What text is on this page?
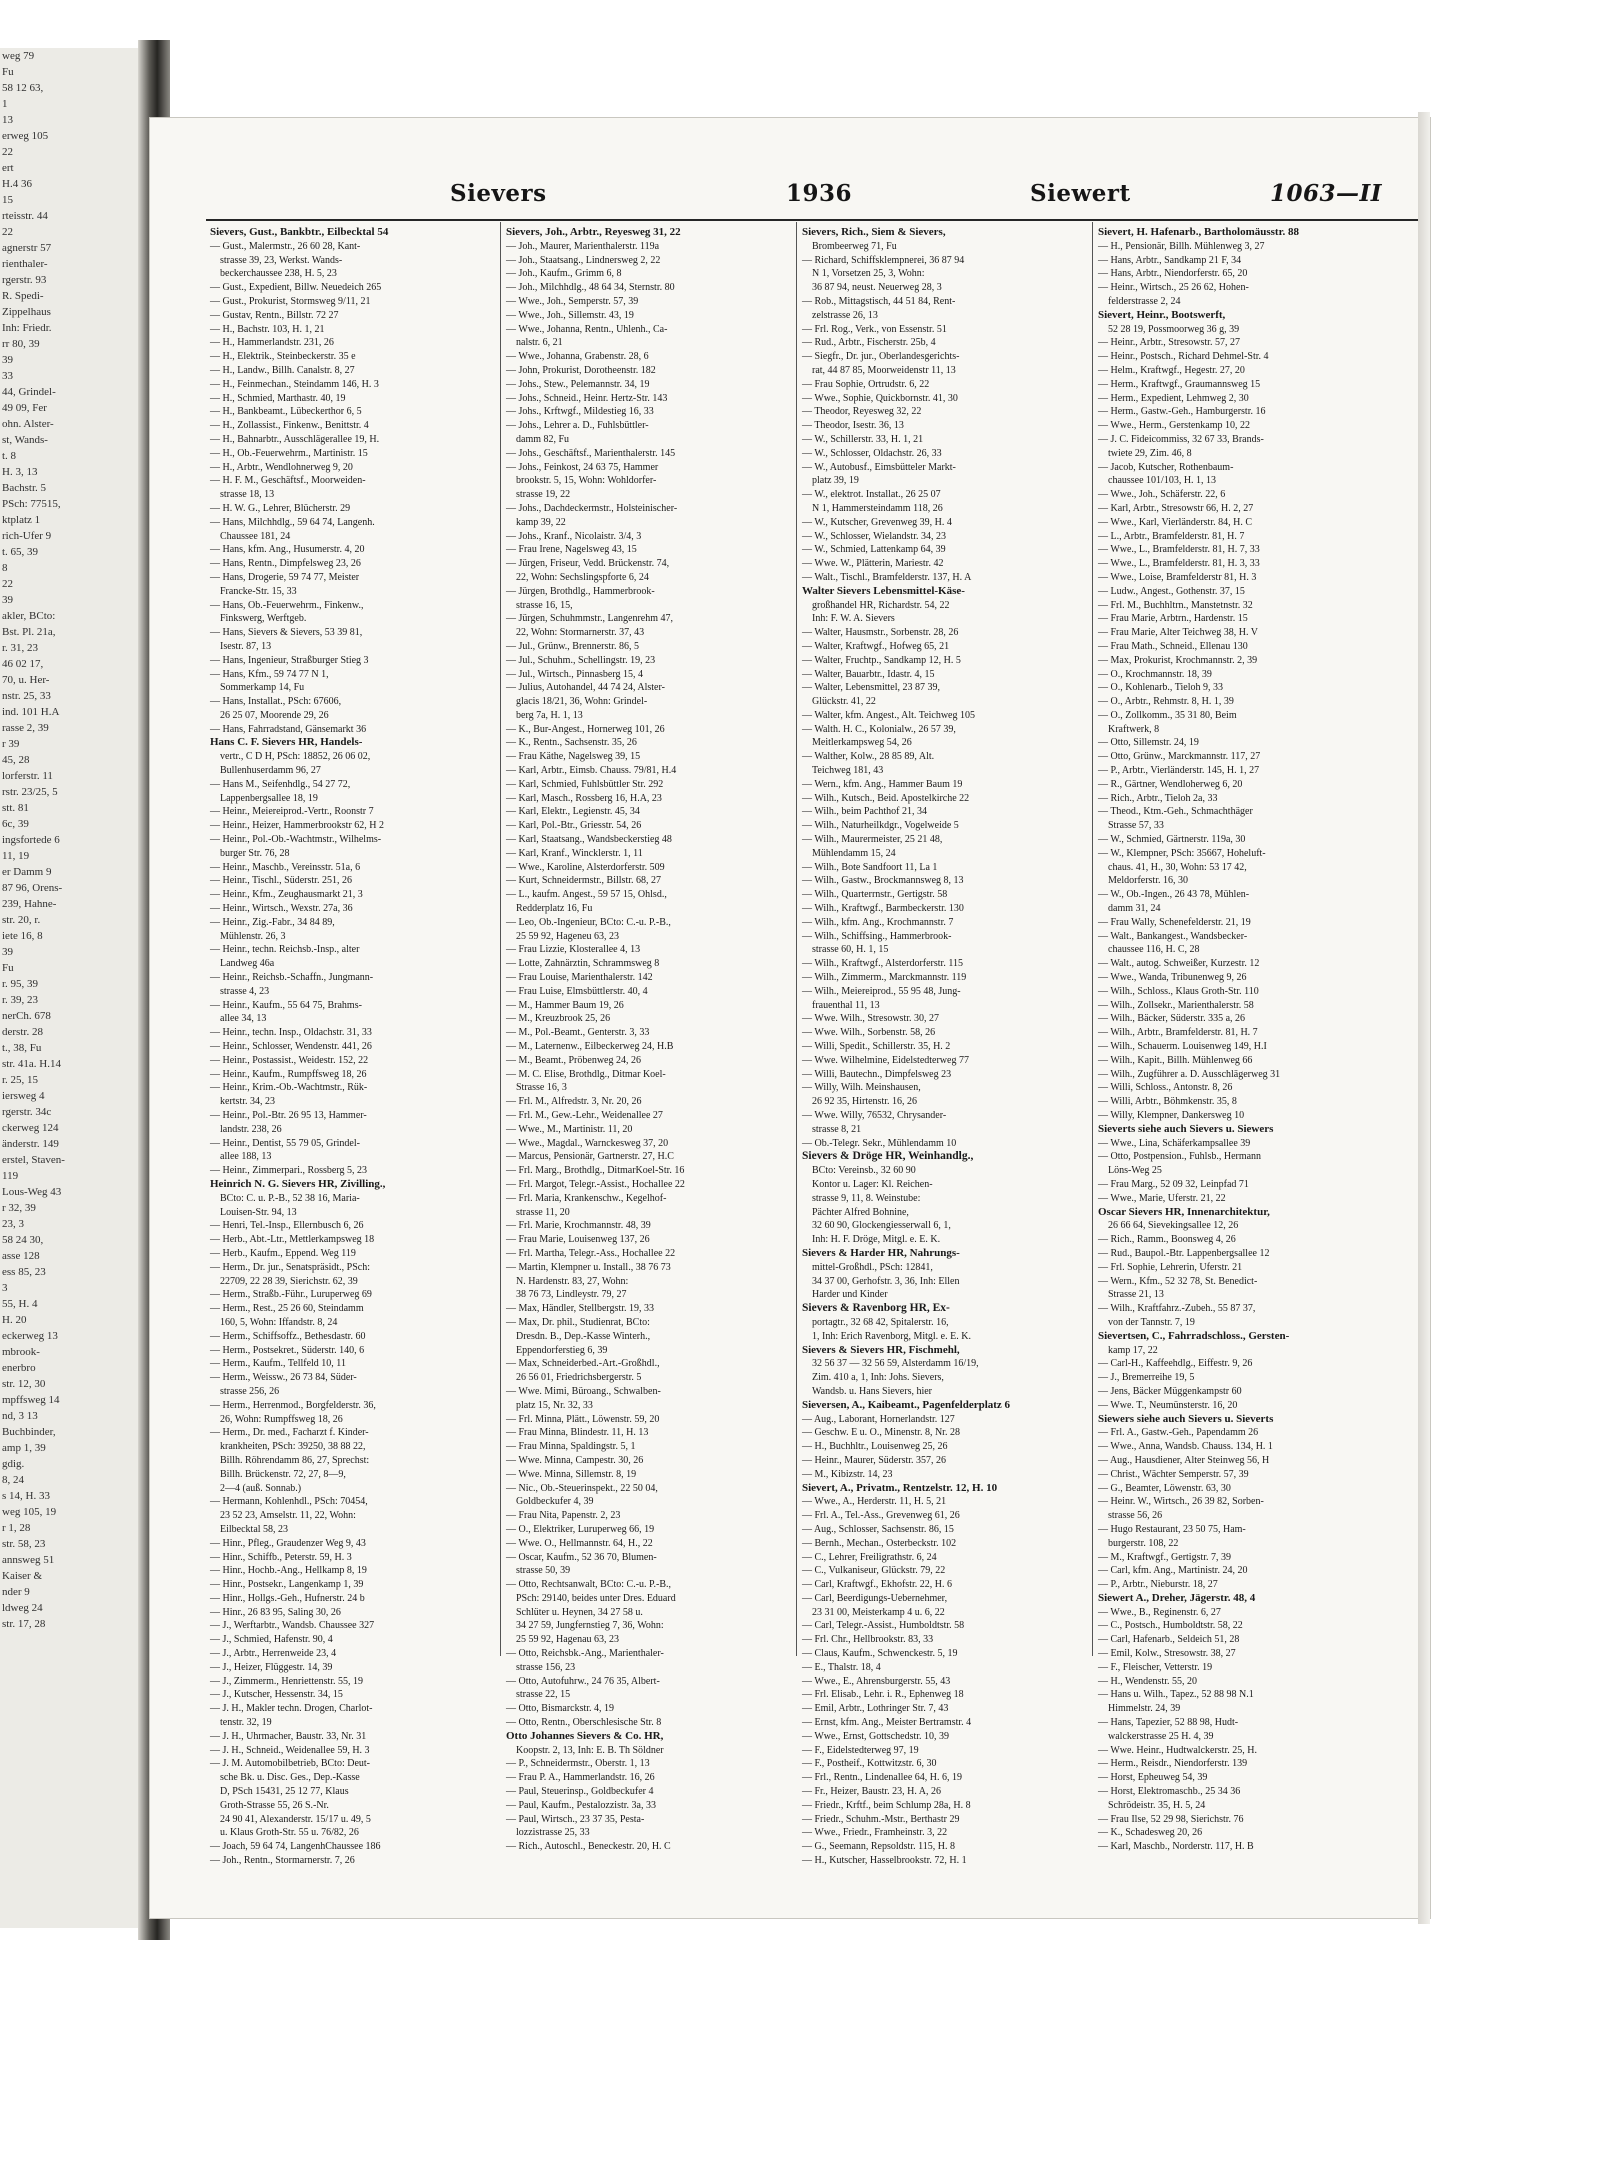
weg 79
Fu
58 12 63,
1
13
erweg 105
22
ert
H.4 36
15
rteisstr. 44
22
agnerstr 57
rienthaler-
rgerstr. 93
R. Spedi-
Zippelhaus
Inh: Friedr.
rr 80, 39
39
33
44, Grindel-
49 09, Fer
ohn. Alster-
st, Wands-
t. 8
H. 3, 13
Bachstr. 5
PSch: 77515,
ktplatz 1
rich-Ufer 9
t. 65, 39
8
22
39
akler, BCto:
Bst. Pl. 21a,
r. 31, 23
46 02 17,
70, u. Her-
nstr. 25, 33
ind. 101 H.A
rasse 2, 39
r 39
45, 28
lorferstr. 11
rstr. 23/25, 5
stt. 81
6c, 39
ingsfortede 6
11, 19
er Damm 9
87 96, Orens-
239, Hahne-
str. 20, r.
iete 16, 8
39
Fu
r. 95, 39
r. 39, 23
nerCh. 678
derstr. 28
t., 38, Fu
str. 41a. H.14
r. 25, 15
iersweg 4
rgerstr. 34c
ckerweg 124
änderstr. 149
erstel, Staven-
119
Lous-Weg 43
r 32, 39
23, 3
58 24 30,
asse 128
ess 85, 23
3
55, H. 4
H. 20
eckerweg 13
mbrook-
enerbro
str. 12, 30
mpffsweg 14
nd, 3 13
Buchbinder,
amp 1, 39
gdig.
8, 24
s 14, H. 33
weg 105, 19
r 1, 28
str. 58, 23
annsweg 51
Kaiser &
nder 9
ldweg 24
str. 17, 28
Sievers	1936	Siewert	1063—II
Sievers, Gust., Bankbtr., Eilbecktal 54
— Gust., Malermstr., 26 60 28, Kant-
strasse 39, 23, Werkst. Wands-
beckerchaussee 238, H. 5, 23
— Gust., Expedient, Billw. Neuedeich 265
— Gust., Prokurist, Stormsweg 9/11, 21
— Gustav, Rentn., Billstr. 72 27
— H., Bachstr. 103, H. 1, 21
— H., Hammerlandstr. 231, 26
— H., Elektrik., Steinbeckerstr. 35 e
— H., Landw., Billh. Canalstr. 8, 27
— H., Feinmechan., Steindamm 146, H. 3
— H., Schmied, Marthastr. 40, 19
— H., Bankbeamt., Lübeckerthor 6, 5
— H., Zollassist., Finkenw., Benittstr. 4
— H., Bahnarbtr., Ausschlägerallee 19, H.
— H., Ob.-Feuerwehrm., Martinistr. 15
— H., Arbtr., Wendlohnerweg 9, 20
— H. F. M., Geschäftsf., Moorweiden-
strasse 18, 13
— H. W. G., Lehrer, Blücherstr. 29
— Hans, Milchhdlg., 59 64 74, Langenh.
Chaussee 181, 24
— Hans, kfm. Ang., Husumerstr. 4, 20
— Hans, Rentn., Dimpfelsweg 23, 26
— Hans, Drogerie, 59 74 77, Meister
Francke-Str. 15, 33
— Hans, Ob.-Feuerwehrm., Finkenw.,
Finkswerg, Werftgeb.
— Hans, Sievers & Sievers, 53 39 81,
Isestr. 87, 13
— Hans, Ingenieur, Straßburger Stieg 3
— Hans, Kfm., 59 74 77 N 1,
Sommerkamp 14, Fu
— Hans, Installat., PSch: 67606,
26 25 07, Moorende 29, 26
— Hans, Fahrradstand, Gänsemarkt 36
Hans C. F. Sievers HR, Handels-
vertr., C D H, PSch: 18852, 26 06 02,
Bullenhuserdamm 96, 27
— Hans M., Seifenhdlg., 54 27 72,
Lappenbergsallee 18, 19
— Heinr., Meiereiprod.-Vertr., Roonstr 7
— Heinr., Heizer, Hammerbrookstr 62, H 2
— Heinr., Pol.-Ob.-Wachtmstr., Wilhelms-
burger Str. 76, 28
— Heinr., Maschb., Vereinsstr. 51a, 6
— Heinr., Tischl., Süderstr. 251, 26
— Heinr., Kfm., Zeughausmarkt 21, 3
— Heinr., Wirtsch., Wexstr. 27a, 36
— Heinr., Zig.-Fabr., 34 84 89,
Mühlenstr. 26, 3
— Heinr., techn. Reichsb.-Insp., alter
Landweg 46a
— Heinr., Reichsb.-Schaffn., Jungmann-
strasse 4, 23
— Heinr., Kaufm., 55 64 75, Brahms-
allee 34, 13
— Heinr., techn. Insp., Oldachstr. 31, 33
— Heinr., Schlosser, Wendenstr. 441, 26
— Heinr., Postassist., Weidestr. 152, 22
— Heinr., Kaufm., Rumpffsweg 18, 26
— Heinr., Krim.-Ob.-Wachtmstr., Rük-
kertstr. 34, 23
— Heinr., Pol.-Btr. 26 95 13, Hammer-
landstr. 238, 26
— Heinr., Dentist, 55 79 05, Grindel-
allee 188, 13
— Heinr., Zimmerpari., Rossberg 5, 23
Heinrich N. G. Sievers HR, Zivilling.,
BCto: C. u. P.-B., 52 38 16, Maria-
Louisen-Str. 94, 13
— Henri, Tel.-Insp., Ellernbusch 6, 26
— Herb., Abt.-Ltr., Mettlerkampsweg 18
— Herb., Kaufm., Eppend. Weg 119
— Herm., Dr. jur., Senatspräsidt., PSch:
22709, 22 28 39, Sierichstr. 62, 39
— Herm., Straßb.-Führ., Luruperweg 69
— Herm., Rest., 25 26 60, Steindamm
160, 5, Wohn: Iffandstr. 8, 24
— Herm., Schiffsoffz., Bethesdastr. 60
— Herm., Postsekret., Süderstr. 140, 6
— Herm., Kaufm., Tellfeld 10, 11
— Herm., Weissw., 26 73 84, Süder-
strasse 256, 26
— Herm., Herrenmod., Borgfelderstr. 36,
26, Wohn: Rumpffsweg 18, 26
— Herm., Dr. med., Facharzt f. Kinder-
krankheiten, PSch: 39250, 38 88 22,
Billh. Röhrendamm 86, 27, Sprechst:
Billh. Brückenstr. 72, 27, 8—9,
2—4 (auß. Sonnab.)
— Hermann, Kohlenhdl., PSch: 70454,
23 52 23, Amselstr. 11, 22, Wohn:
Eilbecktal 58, 23
— Hinr., Pfleg., Graudenzer Weg 9, 43
— Hinr., Schiffb., Peterstr. 59, H. 3
— Hinr., Hochb.-Ang., Hellkamp 8, 19
— Hinr., Postsekr., Langenkamp 1, 39
— Hinr., Hollgs.-Geh., Hufnerstr. 24 b
— Hinr., 26 83 95, Saling 30, 26
— J., Werftarbtr., Wandsb. Chaussee 327
— J., Schmied, Hafenstr. 90, 4
— J., Arbtr., Herrenweide 23, 4
— J., Heizer, Flüggestr. 14, 39
— J., Zimmerm., Henriettenstr. 55, 19
— J., Kutscher, Hessenstr. 34, 15
— J. H., Makler techn. Drogen, Charlot-
tenstr. 32, 19
— J. H., Uhrmacher, Baustr. 33, Nr. 31
— J. H., Schneid., Weidenallee 59, H. 3
— J. M. Automobilbetrieb, BCto: Deut-
sche Bk. u. Disc. Ges., Dep.-Kasse
D, PSch 15431, 25 12 77, Klaus
Groth-Strasse 55, 26 S.-Nr.
24 90 41, Alexanderstr. 15/17 u. 49, 5
u. Klaus Groth-Str. 55 u. 76/82, 26
— Joach, 59 64 74, LangenhChaussee 186
— Joh., Rentn., Stormarnerstr. 7, 26
Sievers, Joh., Arbtr., Reyesweg 31, 22
— Joh., Maurer, Marienthalerstr. 119a
— Joh., Staatsang., Lindnersweg 2, 22
— Joh., Kaufm., Grimm 6, 8
— Joh., Milchhdlg., 48 64 34, Sternstr. 80
— Wwe., Joh., Semperstr. 57, 39
— Wwe., Joh., Sillemstr. 43, 19
— Wwe., Johanna, Rentn., Uhlenh., Ca-
nalstr. 6, 21
— Wwe., Johanna, Grabenstr. 28, 6
— John, Prokurist, Dorotheenstr. 182
— Johs., Stew., Pelemannstr. 34, 19
— Johs., Schneid., Heinr. Hertz-Str. 143
— Johs., Krftwgf., Mildestieg 16, 33
— Johs., Lehrer a. D., Fuhlsbüttler-
damm 82, Fu
— Johs., Geschäftsf., Marienthalerstr. 145
— Johs., Feinkost, 24 63 75, Hammer
brookstr. 5, 15, Wohn: Wohldorfer-
strasse 19, 22
— Johs., Dachdeckermstr., Holsteinischer-
kamp 39, 22
— Johs., Kranf., Nicolaistr. 3/4, 3
— Frau Irene, Nagelsweg 43, 15
— Jürgen, Friseur, Vedd. Brückenstr. 74,
22, Wohn: Sechslingspforte 6, 24
— Jürgen, Brothdlg., Hammerbrook-
strasse 16, 15,
— Jürgen, Schuhmmstr., Langenrehm 47,
22, Wohn: Stormarnerstr. 37, 43
— Jul., Grünw., Brennerstr. 86, 5
— Jul., Schuhm., Schellingstr. 19, 23
— Jul., Wirtsch., Pinnasberg 15, 4
— Julius, Autohandel, 44 74 24, Alster-
glacis 18/21, 36, Wohn: Grindel-
berg 7a, H. 1, 13
— K., Bur-Angest., Hornerweg 101, 26
— K., Rentn., Sachsenstr. 35, 26
— Frau Käthe, Nagelsweg 39, 15
— Karl, Arbtr., Eimsb. Chauss. 79/81, H.4
— Karl, Schmied, Fuhlsbüttler Str. 292
— Karl, Masch., Rossberg 16, H.A, 23
— Karl, Elektr., Legienstr. 45, 34
— Karl, Pol.-Btr., Griesstr. 54, 26
— Karl, Staatsang., Wandsbeckerstieg 48
— Karl, Kranf., Wincklerstr. 1, 11
— Wwe., Karoline, Alsterdorferstr. 509
— Kurt, Schneidermstr., Billstr. 68, 27
— L., kaufm. Angest., 59 57 15, Ohlsd.,
Redderplatz 16, Fu
— Leo, Ob.-Ingenieur, BCto: C.-u. P.-B.,
25 59 92, Hageneu 63, 23
— Frau Lizzie, Klosterallee 4, 13
— Lotte, Zahnärztin, Schrammsweg 8
— Frau Louise, Marienthalerstr. 142
— Frau Luise, Elmsbüttlerstr. 40, 4
— M., Hammer Baum 19, 26
— M., Kreuzbrook 25, 26
— M., Pol.-Beamt., Genterstr. 3, 33
— M., Laternenw., Eilbeckerweg 24, H.B
— M., Beamt., Pröbenweg 24, 26
— M. C. Elise, Brothdlg., Ditmar Koel-
Strasse 16, 3
— Frl. M., Alfredstr. 3, Nr. 20, 26
— Frl. M., Gew.-Lehr., Weidenallee 27
— Wwe., M., Martinistr. 11, 20
— Wwe., Magdal., Warnckesweg 37, 20
— Marcus, Pensionär, Gartnerstr. 27, H.C
— Frl. Marg., Brothdlg., DitmarKoel-Str. 16
— Frl. Margot, Telegr.-Assist., Hochallee 22
— Frl. Maria, Krankenschw., Kegelhof-
strasse 11, 20
— Frl. Marie, Krochmannstr. 48, 39
— Frau Marie, Louisenweg 137, 26
— Frl. Martha, Telegr.-Ass., Hochallee 22
— Martin, Klempner u. Install., 38 76 73
N. Hardenstr. 83, 27, Wohn:
38 76 73, Lindleystr. 79, 27
— Max, Händler, Stellbergstr. 19, 33
— Max, Dr. phil., Studienrat, BCto:
Dresdn. B., Dep.-Kasse Winterh.,
Eppendorferstieg 6, 39
— Max, Schneiderbed.-Art.-Großhdl.,
26 56 01, Friedrichsbergerstr. 5
— Wwe. Mimi, Büroang., Schwalben-
platz 15, Nr. 32, 33
— Frl. Minna, Plätt., Löwenstr. 59, 20
— Frau Minna, Blindestr. 11, H. 13
— Frau Minna, Spaldingstr. 5, 1
— Wwe. Minna, Campestr. 30, 26
— Wwe. Minna, Sillemstr. 8, 19
— Nic., Ob.-Steuerinspekt., 22 50 04,
Goldbeckufer 4, 39
— Frau Nita, Papenstr. 2, 23
— O., Elektriker, Luruperweg 66, 19
— Wwe. O., Hellmannstr. 64, H., 22
— Oscar, Kaufm., 52 36 70, Blumen-
strasse 50, 39
— Otto, Rechtsanwalt, BCto: C.-u. P.-B.,
PSch: 29140, beides unter Dres. Eduard
Schlüter u. Heynen, 34 27 58 u.
34 27 59, Jungfernstieg 7, 36, Wohn:
25 59 92, Hagenau 63, 23
— Otto, Reichsbk.-Ang., Marienthaler-
strasse 156, 23
— Otto, Autofuhrw., 24 76 35, Albert-
strasse 22, 15
— Otto, Bismarckstr. 4, 19
— Otto, Rentn., Oberschlesische Str. 8
Otto Johannes Sievers & Co. HR,
Koopstr. 2, 13, Inh: E. B. Th Söldner
— P., Schneidermstr., Oberstr. 1, 13
— Frau P. A., Hammerlandstr. 16, 26
— Paul, Steuerinsp., Goldbeckufer 4
— Paul, Kaufm., Pestalozzistr. 3a, 33
— Paul, Wirtsch., 23 37 35, Pesta-
lozzistrasse 25, 33
— Rich., Autoschl., Beneckestr. 20, H. C
Sievers, Rich., Siem & Sievers,
Brombeerweg 71, Fu
— Richard, Schiffsklempnerei, 36 87 94
N 1, Vorsetzen 25, 3, Wohn:
36 87 94, neust. Neuerweg 28, 3
— Rob., Mittagstisch, 44 51 84, Rent-
zelstrasse 26, 13
— Frl. Rog., Verk., von Essenstr. 51
— Rud., Arbtr., Fischerstr. 25b, 4
— Siegfr., Dr. jur., Oberlandesgerichts-
rat, 44 87 85, Moorweidenstr 11, 13
— Frau Sophie, Ortrudstr. 6, 22
— Wwe., Sophie, Quickbornstr. 41, 30
— Theodor, Reyesweg 32, 22
— Theodor, Isestr. 36, 13
— W., Schillerstr. 33, H. 1, 21
— W., Schlosser, Oldachstr. 26, 33
— W., Autobusf., Eimsbütteler Markt-
platz 39, 19
— W., elektrot. Installat., 26 25 07
N 1, Hammersteindamm 118, 26
— W., Kutscher, Grevenweg 39, H. 4
— W., Schlosser, Wielandstr. 34, 23
— W., Schmied, Lattenkamp 64, 39
— Wwe. W., Plätterin, Mariestr. 42
— Walt., Tischl., Bramfelderstr. 137, H. A
Walter Sievers Lebensmittel-Käse-
großhandel HR, Richardstr. 54, 22
Inh: F. W. A. Sievers
— Walter, Hausmstr., Sorbenstr. 28, 26
— Walter, Kraftwgf., Hofweg 65, 21
— Walter, Fruchtp., Sandkamp 12, H. 5
— Walter, Bauarbtr., Idastr. 4, 15
— Walter, Lebensmittel, 23 87 39,
Glückstr. 41, 22
— Walter, kfm. Angest., Alt. Teichweg 105
— Walth. H. C., Kolonialw., 26 57 39,
Meitlerkampsweg 54, 26
— Walther, Kolw., 28 85 89, Alt.
Teichweg 181, 43
— Wern., kfm. Ang., Hammer Baum 19
— Wilh., Kutsch., Beid. Apostelkirche 22
— Wilh., beim Pachthof 21, 34
— Wilh., Naturheilkdgr., Vogelweide 5
— Wilh., Maurermeister, 25 21 48,
Mühlendamm 15, 24
— Wilh., Bote Sandfoort 11, La 1
— Wilh., Gastw., Brockmannsweg 8, 13
— Wilh., Quarterrnstr., Gertigstr. 58
— Wilh., Kraftwgf., Barmbeckerstr. 130
— Wilh., kfm. Ang., Krochmannstr. 7
— Wilh., Schiffsing., Hammerbrook-
strasse 60, H. 1, 15
— Wilh., Kraftwgf., Alsterdorferstr. 115
— Wilh., Zimmerm., Marckmannstr. 119
— Wilh., Meiereiprod., 55 95 48, Jung-
frauenthal 11, 13
— Wwe. Wilh., Stresowstr. 30, 27
— Wwe. Wilh., Sorbenstr. 58, 26
— Willi, Spedit., Schillerstr. 35, H. 2
— Wwe. Wilhelmine, Eidelstedterweg 77
— Willi, Bautechn., Dimpfelsweg 23
— Willy, Wilh. Meinshausen,
26 92 35, Hirtenstr. 16, 26
— Wwe. Willy, 76532, Chrysander-
strasse 8, 21
— Ob.-Telegr. Sekr., Mühlendamm 10
Sievers & Dröge HR, Weinhandlg.,
BCto: Vereinsb., 32 60 90
Kontor u. Lager: Kl. Reichen-
strasse 9, 11, 8. Weinstube:
Pächter Alfred Bohnine,
32 60 90, Glockengiesserwall 6, 1,
Inh: H. F. Dröge, Mitgl. e. E. K.
Sievers & Harder HR, Nahrungs-
mittel-Großhdl., PSch: 12841,
34 37 00, Gerhofstr. 3, 36, Inh: Ellen
Harder und Kinder
Sievers & Ravenborg HR, Ex-
portagtr., 32 68 42, Spitalerstr. 16,
1, Inh: Erich Ravenborg, Mitgl. e. E. K.
Sievers & Sievers HR, Fischmehl,
32 56 37 — 32 56 59, Alsterdamm 16/19,
Zim. 410 a, 1, Inh: Johs. Sievers,
Wandsb. u. Hans Sievers, hier
Sieversen, A., Kaibeamt., Pagenfelderplatz 6
— Aug., Laborant, Hornerlandstr. 127
— Geschw. E u. O., Minenstr. 8, Nr. 28
— H., Buchhltr., Louisenweg 25, 26
— Heinr., Maurer, Süderstr. 357, 26
— M., Kibizstr. 14, 23
Sievert, A., Privatm., Rentzelstr. 12, H. 10
— Wwe., A., Herderstr. 11, H. 5, 21
— Frl. A., Tel.-Ass., Grevenweg 61, 26
— Aug., Schlosser, Sachsenstr. 86, 15
— Bernh., Mechan., Osterbeckstr. 102
— C., Lehrer, Freiligrathstr. 6, 24
— C., Vulkaniseur, Glückstr. 79, 22
— Carl, Kraftwgf., Ekhofstr. 22, H. 6
— Carl, Beerdigungs-Uebernehmer,
23 31 00, Meisterkamp 4 u. 6, 22
— Carl, Telegr.-Assist., Humboldtstr. 58
— Frl. Chr., Hellbrookstr. 83, 33
— Claus, Kaufm., Schwenckestr. 5, 19
— E., Thalstr. 18, 4
— Wwe., E., Ahrensburgerstr. 55, 43
— Frl. Elisab., Lehr. i. R., Ephenweg 18
— Emil, Arbtr., Lothringer Str. 7, 43
— Ernst, kfm. Ang., Meister Bertramstr. 4
— Wwe., Ernst, Gottschedstr. 10, 39
— F., Eidelstedterweg 97, 19
— F., Postheif., Kottwitzstr. 6, 30
— Frl., Rentn., Lindenallee 64, H. 6, 19
— Fr., Heizer, Baustr. 23, H. A, 26
— Friedr., Krftf., beim Schlump 28a, H. 8
— Friedr., Schuhm.-Mstr., Berthastr 29
— Wwe., Friedr., Framheinstr. 3, 22
— G., Seemann, Repsoldstr. 115, H. 8
— H., Kutscher, Hasselbrookstr. 72, H. 1
Sievert, H. Hafenarb., Bartholomäusstr. 88
— H., Pensionär, Billh. Mühlenweg 3, 27
— Hans, Arbtr., Sandkamp 21 F, 34
— Hans, Arbtr., Niendorferstr. 65, 20
— Heinr., Wirtsch., 25 26 62, Hohen-
felderstrasse 2, 24
Sievert, Heinr., Bootswerft,
52 28 19, Possmoorweg 36 g, 39
— Heinr., Arbtr., Stresowstr. 57, 27
— Heinr., Postsch., Richard Dehmel-Str. 4
— Helm., Kraftwgf., Hegestr. 27, 20
— Herm., Kraftwgf., Graumannsweg 15
— Herm., Expedient, Lehmweg 2, 30
— Herm., Gastw.-Geh., Hamburgerstr. 16
— Wwe., Herm., Gerstenkamp 10, 22
— J. C. Fideicommiss, 32 67 33, Brands-
twiete 29, Zim. 46, 8
— Jacob, Kutscher, Rothenbaum-
chaussee 101/103, H. 1, 13
— Wwe., Joh., Schäferstr. 22, 6
— Karl, Arbtr., Stresowstr 66, H. 2, 27
— Wwe., Karl, Vierländerstr. 84, H. C
— L., Arbtr., Bramfelderstr. 81, H. 7
— Wwe., L., Bramfelderstr. 81, H. 7, 33
— Wwe., L., Bramfelderstr. 81, H. 3, 33
— Wwe., Loise, Bramfelderstr 81, H. 3
— Ludw., Angest., Gothenstr. 37, 15
— Frl. M., Buchhltrn., Manstetnstr. 32
— Frau Marie, Arbtrn., Hardenstr. 15
— Frau Marie, Alter Teichweg 38, H. V
— Frau Math., Schneid., Ellenau 130
— Max, Prokurist, Krochmannstr. 2, 39
— O., Krochmannstr. 18, 39
— O., Kohlenarb., Tieloh 9, 33
— O., Arbtr., Rehmstr. 8, H. 1, 39
— O., Zollkomm., 35 31 80, Beim
Kraftwerk, 8
— Otto, Sillemstr. 24, 19
— Otto, Grünw., Marckmannstr. 117, 27
— P., Arbtr., Vierländerstr. 145, H. 1, 27
— R., Gärtner, Wendloherweg 6, 20
— Rich., Arbtr., Tieloh 2a, 33
— Theod., Ktm.-Geh., Schmachthäger
Strasse 57, 33
— W., Schmied, Gärtnerstr. 119a, 30
— W., Klempner, PSch: 35667, Hoheluft-
chaus. 41, H., 30, Wohn: 53 17 42,
Meldorferstr. 16, 30
— W., Ob.-Ingen., 26 43 78, Mühlen-
damm 31, 24
— Frau Wally, Schenefelderstr. 21, 19
— Walt., Bankangest., Wandsbecker-
chaussee 116, H. C, 28
— Walt., autog. Schweißer, Kurzestr. 12
— Wwe., Wanda, Tribunenweg 9, 26
— Wilh., Schloss., Klaus Groth-Str. 110
— Wilh., Zollsekr., Marienthalerstr. 58
— Wilh., Bäcker, Süderstr. 335 a, 26
— Wilh., Arbtr., Bramfelderstr. 81, H. 7
— Wilh., Schauerm. Louisenweg 149, H.I
— Wilh., Kapit., Billh. Mühlenweg 66
— Wilh., Zugführer a. D. Ausschlägerweg 31
— Willi, Schloss., Antonstr. 8, 26
— Willi, Arbtr., Böhmkenstr. 35, 8
— Willy, Klempner, Dankersweg 10
Sieverts siehe auch Sievers u. Siewers
— Wwe., Lina, Schäferkampsallee 39
— Otto, Postpension., Fuhlsb., Hermann
Löns-Weg 25
— Frau Marg., 52 09 32, Leinpfad 71
— Wwe., Marie, Uferstr. 21, 22
Oscar Sievers HR, Innenarchitektur,
26 66 64, Sievekingsallee 12, 26
— Rich., Ramm., Boonsweg 4, 26
— Rud., Baupol.-Btr. Lappenbergsallee 12
— Frl. Sophie, Lehrerin, Uferstr. 21
— Wern., Kfm., 52 32 78, St. Benedict-
Strasse 21, 13
— Wilh., Kraftfahrz.-Zubeh., 55 87 37,
von der Tannstr. 7, 19
Sievertsen, C., Fahrradschloss., Gersten-
kamp 17, 22
— Carl-H., Kaffeehdlg., Eiffestr. 9, 26
— J., Bremerreihe 19, 5
— Jens, Bäcker Müggenkampstr 60
— Wwe. T., Neumünsterstr. 16, 20
Siewers siehe auch Sievers u. Sieverts
— Frl. A., Gastw.-Geh., Papendamm 26
— Wwe., Anna, Wandsb. Chauss. 134, H. 1
— Aug., Hausdiener, Alter Steinweg 56, H
— Christ., Wächter Semperstr. 57, 39
— G., Beamter, Löwenstr. 63, 30
— Heinr. W., Wirtsch., 26 39 82, Sorben-
strasse 56, 26
— Hugo Restaurant, 23 50 75, Ham-
burgerstr. 108, 22
— M., Kraftwgf., Gertigstr. 7, 39
— Carl, kfm. Ang., Martinistr. 24, 20
— P., Arbtr., Nieburstr. 18, 27
Siewert A., Dreher, Jägerstr. 48, 4
— Wwe., B., Reginenstr. 6, 27
— C., Postsch., Humboldtstr. 58, 22
— Carl, Hafenarb., Seldeich 51, 28
— Emil, Kolw., Stresowstr. 38, 27
— F., Fleischer, Vetterstr. 19
— H., Wendenstr. 55, 20
— Hans u. Wilh., Tapez., 52 88 98 N.1
Himmelstr. 24, 39
— Hans, Tapezier, 52 88 98, Hudt-
walckerstrasse 25 H. 4, 39
— Wwe. Heinr., Hudtwalckerstr. 25, H.
— Herm., Reisdr., Niendorferstr. 139
— Horst, Epheuweg 54, 39
— Horst, Elektromaschb., 25 34 36
Schrödeistr. 35, H. 5, 24
— Frau Ilse, 52 29 98, Sierichstr. 76
— K., Schadesweg 20, 26
— Karl, Maschb., Norderstr. 117, H. B
